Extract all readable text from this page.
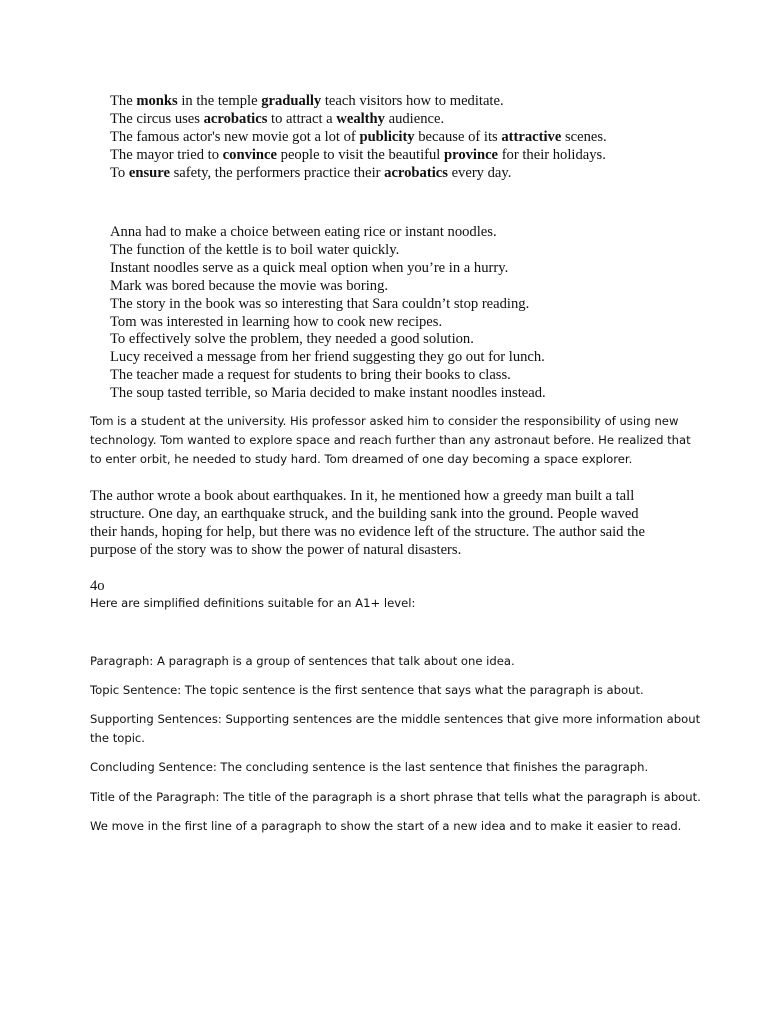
The monks in the temple gradually teach visitors how to meditate.
The circus uses acrobatics to attract a wealthy audience.
The famous actor's new movie got a lot of publicity because of its attractive scenes.
The mayor tried to convince people to visit the beautiful province for their holidays.
To ensure safety, the performers practice their acrobatics every day.
Anna had to make a choice between eating rice or instant noodles.
The function of the kettle is to boil water quickly.
Instant noodles serve as a quick meal option when you’re in a hurry.
Mark was bored because the movie was boring.
The story in the book was so interesting that Sara couldn’t stop reading.
Tom was interested in learning how to cook new recipes.
To effectively solve the problem, they needed a good solution.
Lucy received a message from her friend suggesting they go out for lunch.
The teacher made a request for students to bring their books to class.
The soup tasted terrible, so Maria decided to make instant noodles instead.
Tom is a student at the university. His professor asked him to consider the responsibility of using new
technology. Tom wanted to explore space and reach further than any astronaut before. He realized that
to enter orbit, he needed to study hard. Tom dreamed of one day becoming a space explorer.
The author wrote a book about earthquakes. In it, he mentioned how a greedy man built a tall
structure. One day, an earthquake struck, and the building sank into the ground. People waved
their hands, hoping for help, but there was no evidence left of the structure. The author said the
purpose of the story was to show the power of natural disasters.
4o
Here are simplified definitions suitable for an A1+ level:
Paragraph: A paragraph is a group of sentences that talk about one idea.
Topic Sentence: The topic sentence is the first sentence that says what the paragraph is about.
Supporting Sentences: Supporting sentences are the middle sentences that give more information about
the topic.
Concluding Sentence: The concluding sentence is the last sentence that finishes the paragraph.
Title of the Paragraph: The title of the paragraph is a short phrase that tells what the paragraph is about.
We move in the first line of a paragraph to show the start of a new idea and to make it easier to read.
